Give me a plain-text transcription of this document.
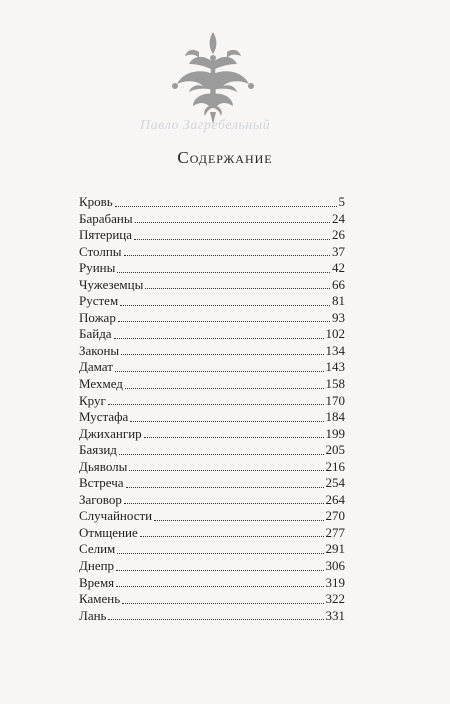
Павло Загребельный
Содержание
Кровь	5
Барабаны	24
Пятерица	26
Столпы	37
Руины	42
Чужеземцы	66
Рустем	81
Пожар	93
Байда	102
Законы	134
Дамат	143
Мехмед	158
Круг	170
Мустафа	184
Джихангир	199
Баязид	205
Дьяволы	216
Встреча	254
Заговор	264
Случайности	270
Отмщение	277
Селим	291
Днепр	306
Время	319
Камень	322
Лань	331
